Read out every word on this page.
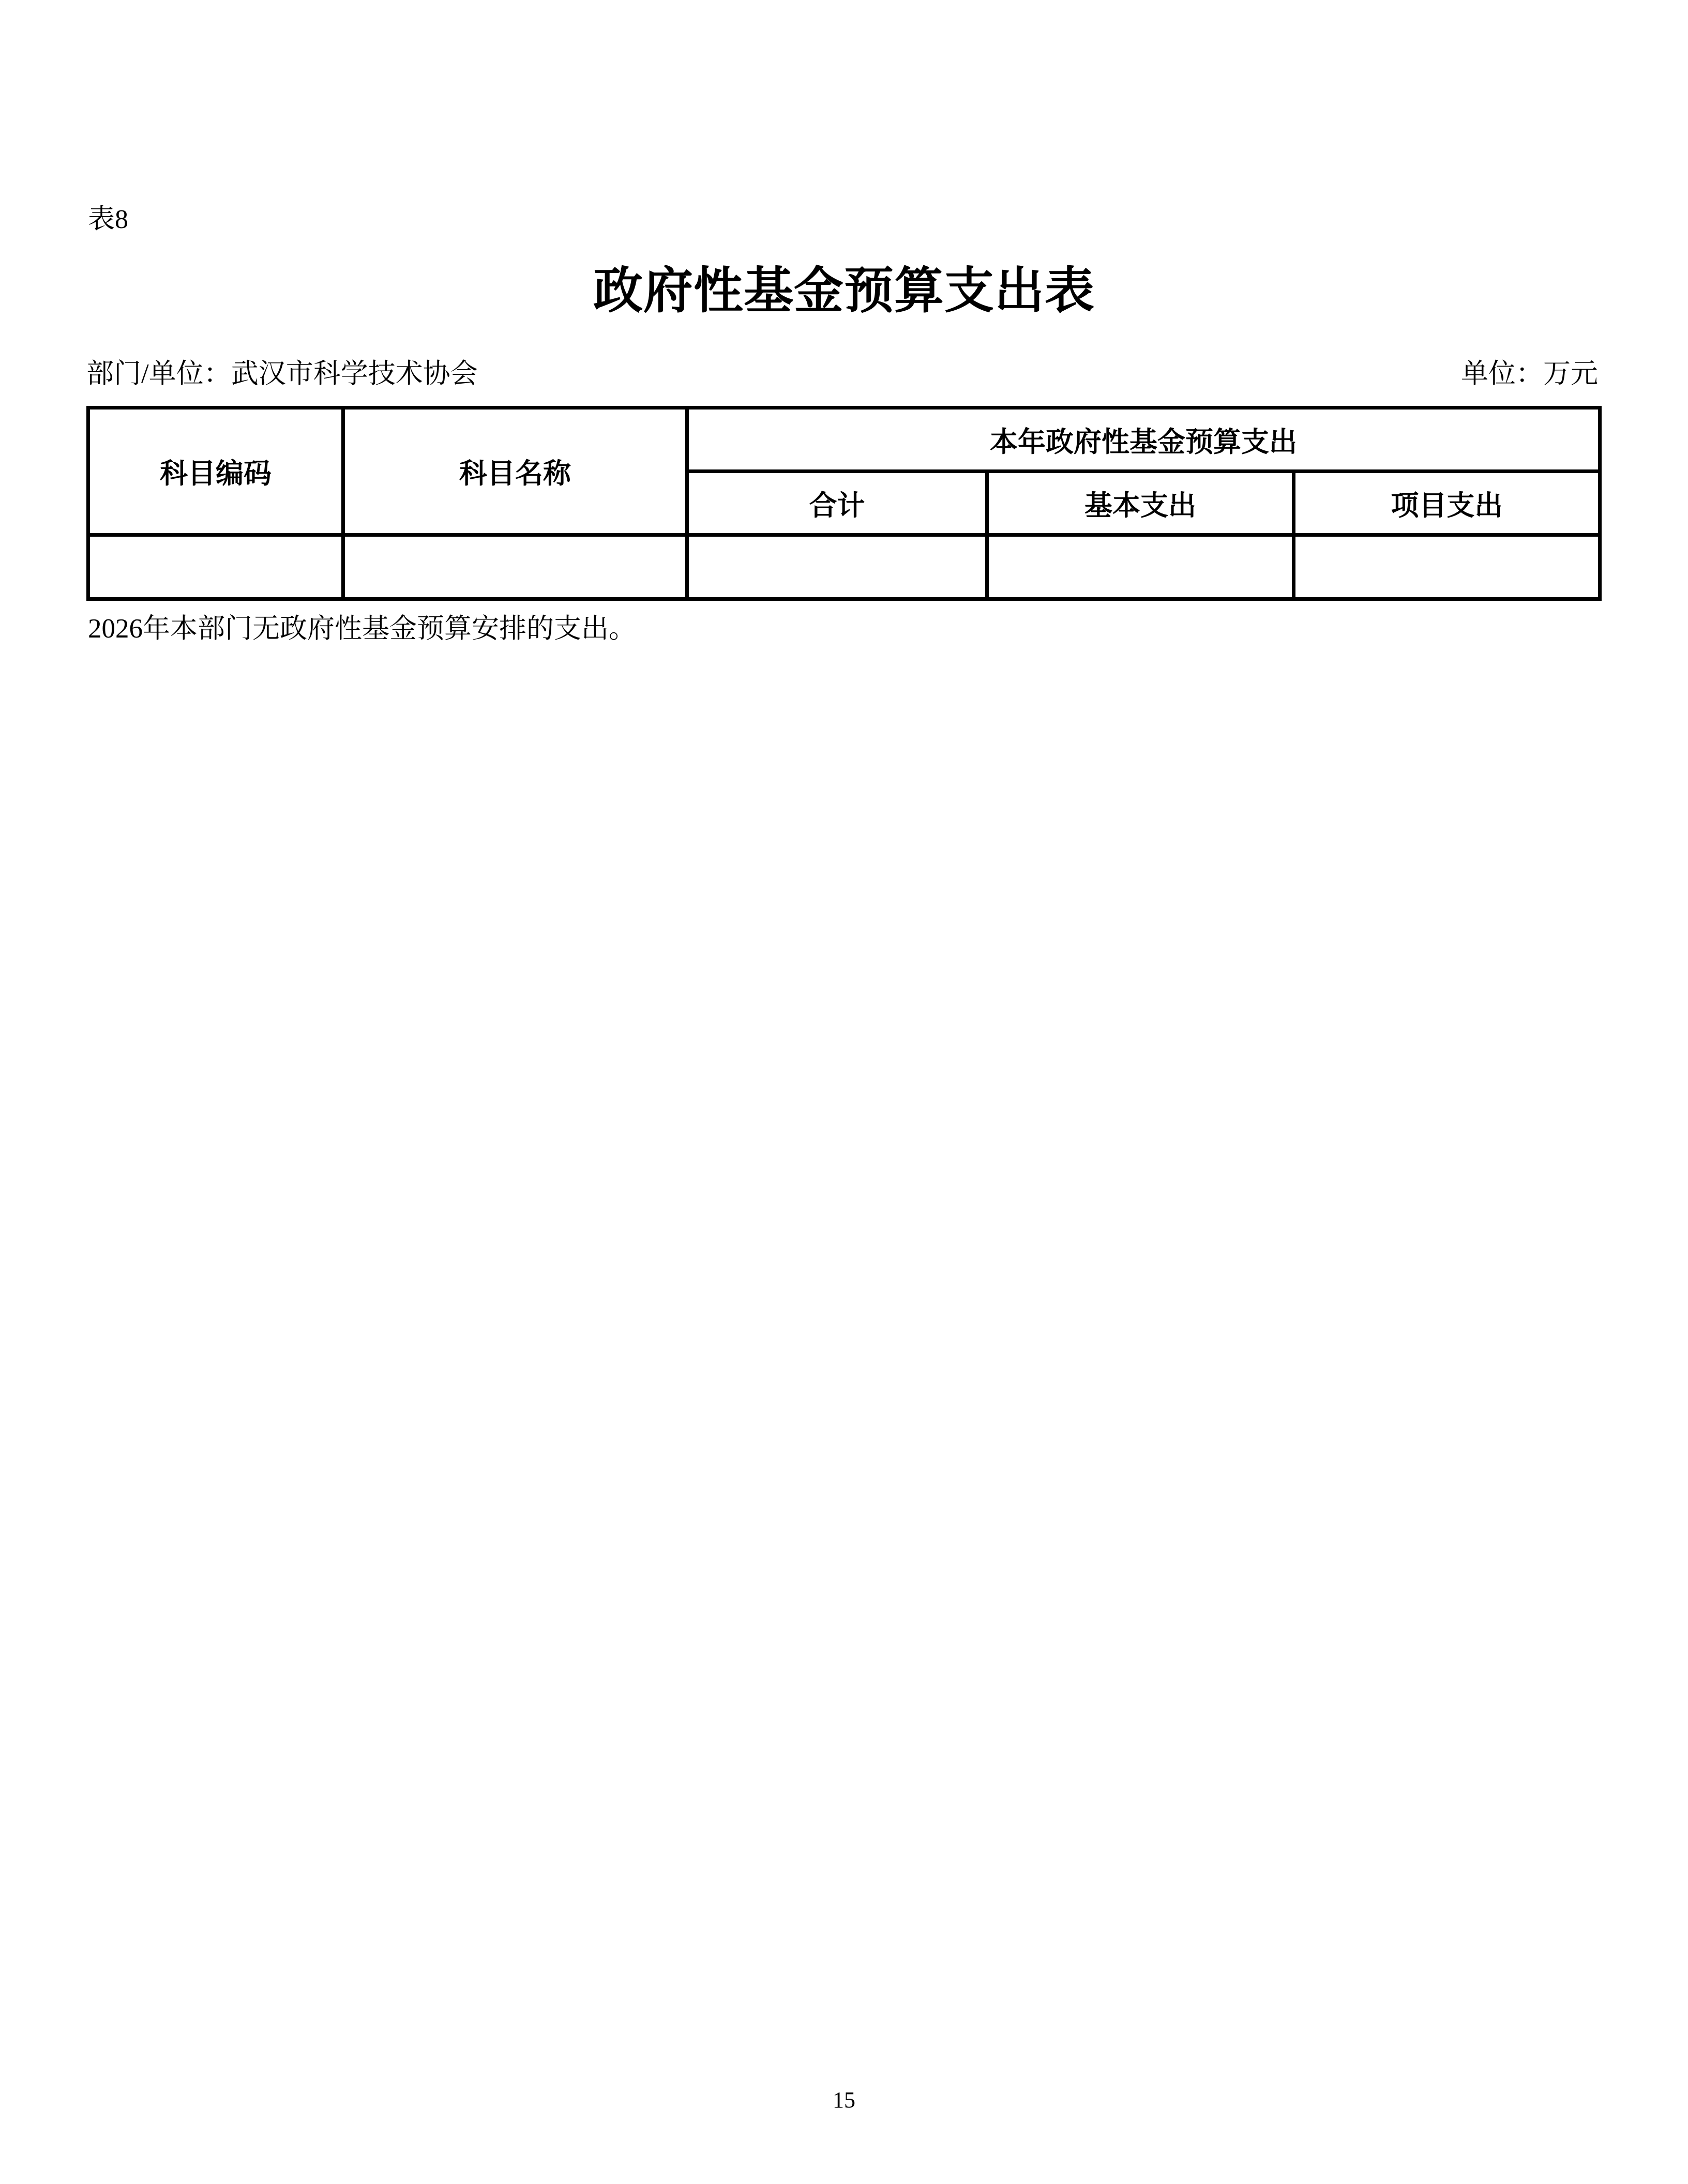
表8
政府性基金预算支出表
部门/单位：武汉市科学技术协会	单位：万元
科目编码	科目名称	本年政府性基金预算支出		
		合计	基本支出	项目支出

2026年本部门无政府性基金预算安排的支出。
15
